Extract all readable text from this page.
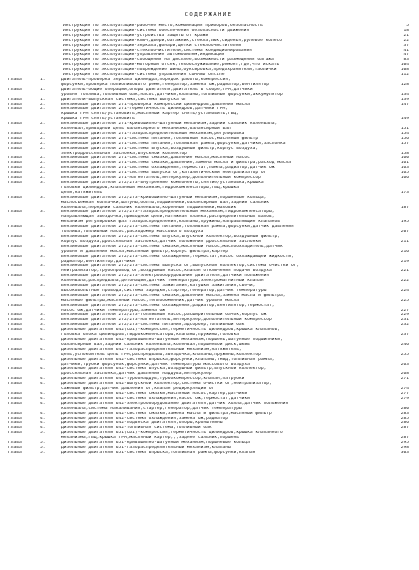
СОДЕРЖАНИЕ
Инструкция по эксплуатации-рабочее место,комбинация приборов,безопасность	5
Инструкция по эксплуатации-система обеспечения безопасности движения	18
Инструкция по эксплуатации-устройства защиты от кражи	21
Инструкция по эксплуатации-ключ,двери,багажник,стекла,люк,сиденья,рулевое колесо	22
Инструкция по эксплуатации-зеркала,фонари,щетки стеклоочистителей	37
Инструкция по эксплуатации-стеклоочистители,система кондиционирования	41
Инструкция по эксплуатации-управление автомобилем,индикация	47
Инструкция по эксплуатации-сообщения на дисплее,возможности размещения багажа	83
Инструкция по эксплуатации-моторный отсек,техобслуживание,ремонт,где,что искать	104
Инструкция по эксплуатации-повреждение шины,буксировка,предохранители,таблички	108
Инструкция по эксплуатации-система управления COMAND Online	112
Глава	1.	Двигатель-проверка зеркала цилиндра,порядок работы,компрессия,
форсунки,проверка полиоливового ремн,генератор,замена ОЖ,радиатор,вентилятор	128
Глава	1.	Двигатель-общие операции,опоры двигателя,двигатель в сборе,ГРМ,датчики
уровня топлива,топливный бак,насос,датчики,клапаны,топливные форсунки,аккумулятор	134
Глава	1.	Двигатели-выпускная система,система выпуска ОГ	139
Глава	2.	Бензиновые двигатели 271-проверка компрессии цилиндров,давления масла	147
Глава	2.	Бензиновые двигатели 271-герметичность цилиндров,датчики ГРМ,
крышка ГРМ снять/установить,масляный картер снять/установить,ГБЦ,
крышка ГРМ снять/установить	149
Глава	2.	Бензиновые двигатели 271-кривошипно-шатунный механизм,задний сальник коленвала,
коленвал,приводной цепь балансирного механизма,балансирный вал	151
Глава	2.	Бензиновые двигатели 271-газораспределительный механизм,регулировка	154
Глава	2.	Бензиновые двигатели 271-система питания,топливный насос,масляный фильтр	156
Глава	2.	Бензиновые двигатели 271-система питания,топливная рампа,форсунки,датчики,заслонка	157
Глава	2.	Бензиновые двигатели 271-система впуска,воздушный фильтр,корпус воздуха,
электродроссельная заслонка,впускной коллектор	158
Глава	2.	Бензиновые двигатели 271-система смазки,давление масла,масляный насос	160
Глава	2.	Бензиновые двигатели 271-система смазки,давление,замена масла и фильтра,расход масла	161
Глава	2.	Бензиновые двигатели 271-система охлаждения,термостат,помпа,радиатор,датчик ОЖ	163
Глава	2.	Бензиновые двигатели 271-система выпуска ОГ,каталитический нейтрализатор ОГ	165
Глава	2.	Бензиновые двигатели 271-нагнетатель,интеркулер,дополнительный компрессор	166
Глава	3.	Бензиновые двигатели 272/273-внутренние компоненты,снятие/установка,крышка
головки цилиндров,клапанный механизм,гидрокомпенсаторы,ГБЦ,крышка
цепи,натяжитель	173
Глава	3.	Бензиновые двигатели 272/273-кривошипно-шатунный механизм,поршневые кольца,
маслосъемная колпачки,шатуны,болты,подшипники,балансирный вал,задний сальник
коленвала,передний сальник коленвала,коренные подшипники,маховик	187
Глава	3.	Бензиновые двигатели 272/273-газораспределительный механизм,гидрокомпенсаторы,
направляющая звездочка,приводной цепи,натяжная планка,распределительных валов,
механизм регулировки фаз газораспределения,клапаны,пружины,направляющие клапанов	195
Глава	3.	Бензиновые двигатели 272/273-система питания,топливная рампа,форсунки,датчик давления
топлива,топливный насос,расходомер массового воздуха	207
Глава	3.	Бензиновые двигатели 272/273-система впуска,впускной коллектор,воздушный фильтр,
корпус воздуха,дроссельная заслонка,датчик положения дроссельной заслонки	211
Глава	3.	Бензиновые двигатели 272/273-система смазки,масляный насос,маслоохладитель,датчик
уровня и давления масла,масляный фильтр,корпус фильтра,картер	216
Глава	3.	Бензиновые двигатели 272/273-система охлаждения,термостат,насос охлаждающей жидкости,
радиатор,вентилятор,датчики	219
Глава	3.	Бензиновые двигатели 272/273-система выпуска ОГ,выпускной коллектор,система очистки ОГ,
нейтрализатор,трубопровод ОГ,воздушный насос,клапан отключения подачи воздуха	221
Глава	3.	Бензиновые двигатели 272/273-электрооборудование двигателя,датчики положения
коленвала,распредвала,детонации,датчик температуры,электромагнитный клапан	222
Глава	3.	Бензиновые двигатели 272/273-система зажигания,катушки зажигания,свечи,
высоковольтные провода,система зарядки,стартер,генератор,датчик температуры	224
Глава	3.	Бензиновые двигатели 272/273-система смазки,давление масла,замена масла и фильтра,
масляные фильтры,масляный насос,теплообменник,датчик уровня масла	225
Глава	3.	Бензиновые двигатели 272/273-система охлаждения,радиатор,вентилятор,термостат,
насос ОЖ,датчики температуры,замена ОЖ	227
Глава	3.	Бензиновые двигатели 272/273-топливный насос,расширительный бачок,корпус ОЖ	229
Глава	3.	Бензиновые двигатели 272/273-нагнетатель,интеркулер,дополнительный компрессор	231
Глава	3.	Бензиновые двигатели 272/273-система питания,адсорбер,топливный бак	232
Глава	4.	Дизельные двигатели 642(CDI)-компрессия,герметичность цилиндров,крышка клапанов,
головка блока цилиндров,гидрокомпенсаторы,клапаны,пружины,головка	237
Глава	4.	Дизельные двигатели 642-кривошипно-шатунный механизм,поршень,шатунные подшипники,
балансирный вал,задний сальник коленвала,коленвал,поршневой диск,шкив	246
Глава	4.	Дизельные двигатели 642-газораспределительный механизм,натяжитель,
цепь,успокоитель цепь ГРМ,распредвалы,звездочка,клапаны,пружины,коллектор	255
Глава	4.	Дизельные двигатели 642-система впрыска,форсунки,клапаны,ТНВД,топливная рампа,
датчики,трубки форсунок,форсунки,датчик температуры массового воздуха	263
Глава	4.	Дизельные двигатели 642-система впуска,воздушный фильтр,впускной коллектор,
дроссельная заслонка,датчик давления наддува,интеркулер	268
Глава	4.	Дизельные двигатели 642-турбонаддув,турбокомпрессор,клапан,патрубки	271
Глава	4.	Дизельные двигатели 642-выпускной коллектор,система очистки ОГ,нейтрализатор,
сажевый фильтр,датчик давления ОГ,клапан рециркуляции ОГ	274
Глава	4.	Дизельные двигатели 642-система смазки,масляный насос,картер,датчики	277
Глава	4.	Дизельные двигатели 642-система охлаждения,насос ОЖ,термостат,датчики	279
Глава	4.	Дизельные двигатели 642-электрооборудование двигателя,датчик Холла,датчик положения
коленвала,система накаливания,стартер,генератор,датчик температуры	280
Глава	4.	Дизельные двигатели 642-система смазки,замена масла и фильтра,масляный фильтр	283
Глава	4.	Дизельные двигатели 642-система охлаждения,замена ОЖ,радиатор	285
Глава	4.	Дизельные двигатели 642-подвеска двигателя,опоры,кронштейны	286
Глава	4.	Дизельные двигатели 642-топливная система,топливный бак	287
Глава	5.	Дизельные двигатели 651(CDI)-компрессия,герметичность цилиндров,крышка клапанного
механизма,ГБЦ,крышка ГРМ,масляный картер,,,заднее сальник,поршень	287
Глава	5.	Дизельные двигатели 651-кривошипно-шатунный механизм,поршневые кольца	295
Глава	5.	Дизельные двигатели 651-газораспределительный механизм,клапаны	298
Глава	5.	Дизельные двигатели 651-система впрыска,топливная рампа,форсунки,клапан	303
